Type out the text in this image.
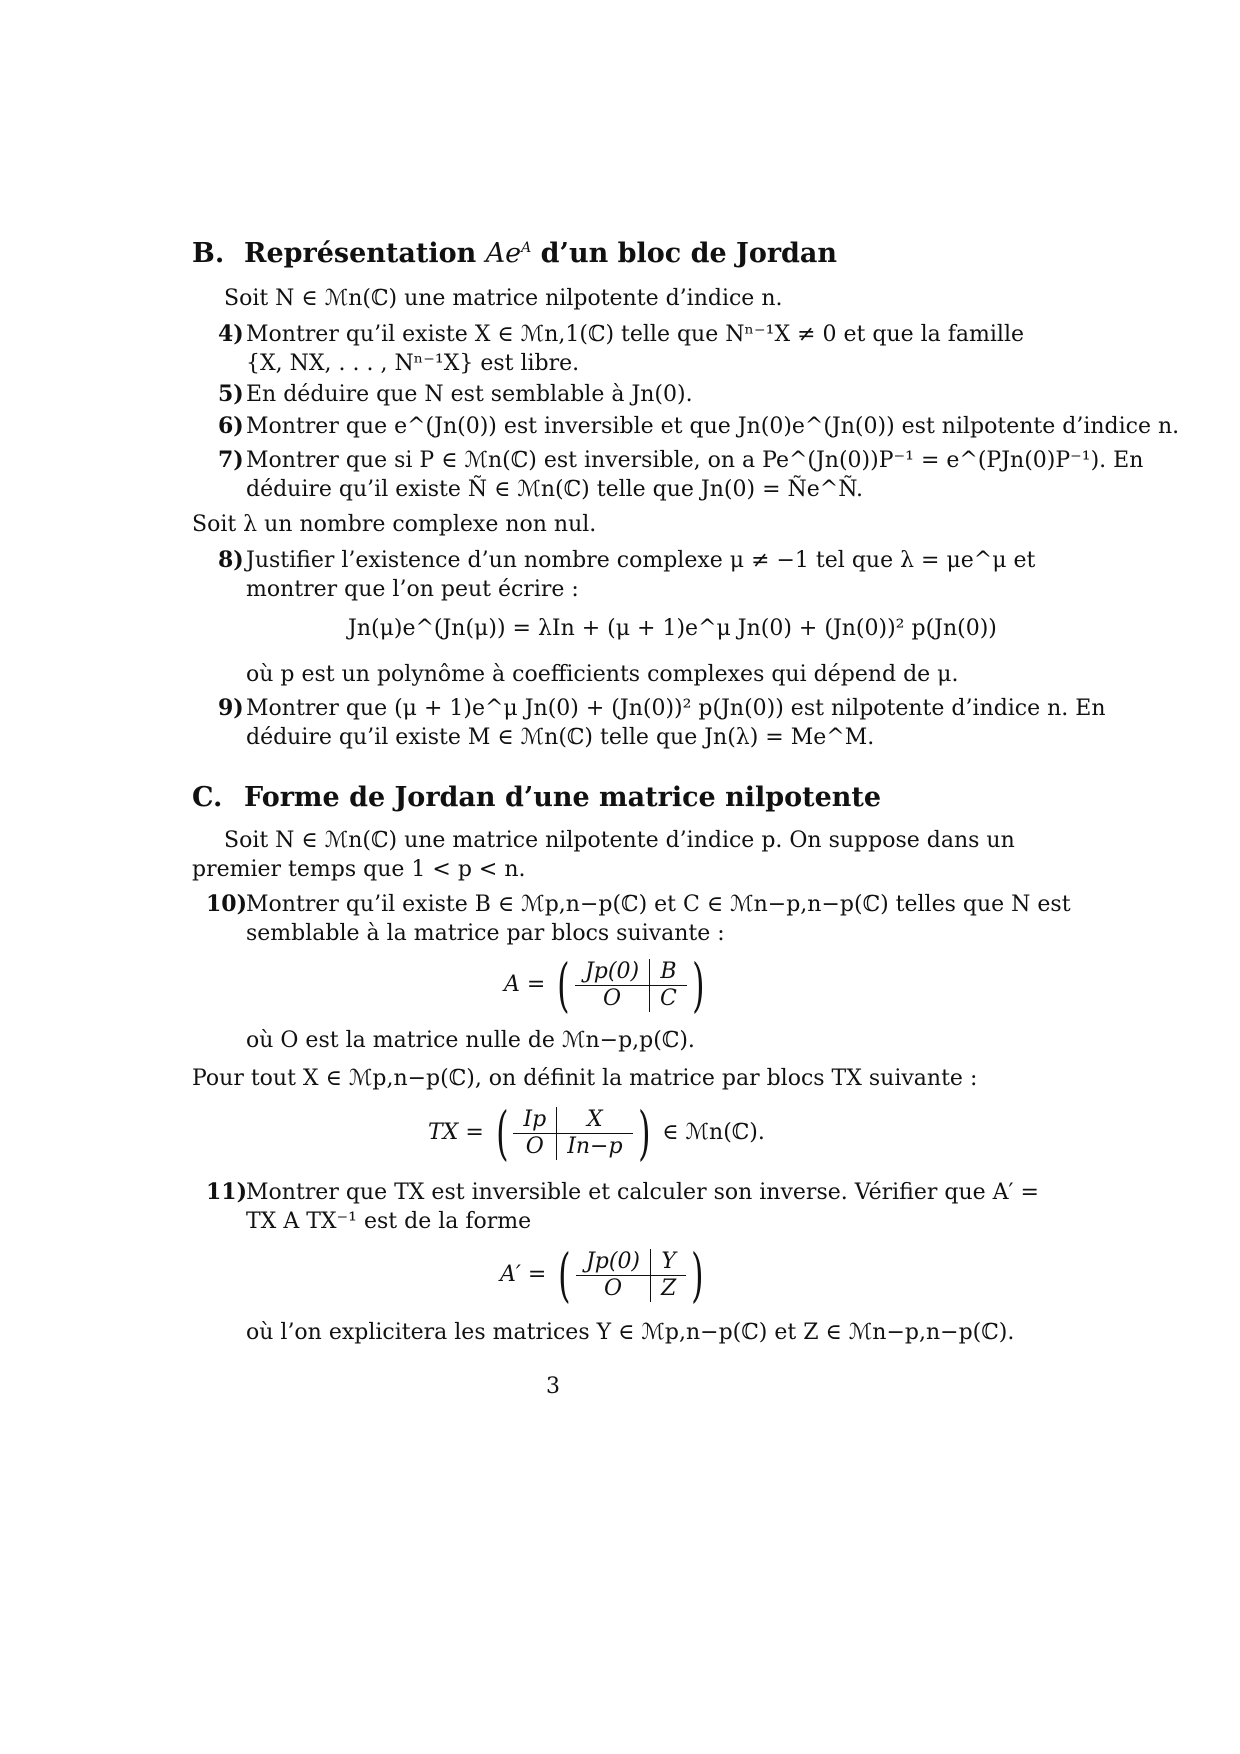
B. Représentation $Ae^A$ d’un bloc de Jordan
Soit N ∈ ℳn(ℂ) une matrice nilpotente d’indice n.
4) Montrer qu’il existe X ∈ ℳn,1(ℂ) telle que Nⁿ⁻¹X ≠ 0 et que la famille
{X, NX, . . . , Nⁿ⁻¹X} est libre.
5) En déduire que N est semblable à Jn(0).
6) Montrer que e^(Jn(0)) est inversible et que Jn(0)e^(Jn(0)) est nilpotente d’indice n.
7) Montrer que si P ∈ ℳn(ℂ) est inversible, on a Pe^(Jn(0))P⁻¹ = e^(PJn(0)P⁻¹). En
déduire qu’il existe Ñ ∈ ℳn(ℂ) telle que Jn(0) = Ñe^Ñ.
Soit λ un nombre complexe non nul.
8) Justifier l’existence d’un nombre complexe μ ≠ −1 tel que λ = μe^μ et
montrer que l’on peut écrire :
Jn(μ)e^(Jn(μ)) = λIn + (μ + 1)e^μ Jn(0) + (Jn(0))² p(Jn(0))
où p est un polynôme à coefficients complexes qui dépend de μ.
9) Montrer que (μ + 1)e^μ Jn(0) + (Jn(0))² p(Jn(0)) est nilpotente d’indice n. En
déduire qu’il existe M ∈ ℳn(ℂ) telle que Jn(λ) = Me^M.
C. Forme de Jordan d’une matrice nilpotente
Soit N ∈ ℳn(ℂ) une matrice nilpotente d’indice p. On suppose dans un
premier temps que 1 < p < n.
10)
Montrer qu’il existe B ∈ ℳp,n−p(ℂ) et C ∈ ℳn−p,n−p(ℂ) telles que N est
semblable à la matrice par blocs suivante :
A = ( Jp(0)	B
O	C )
où O est la matrice nulle de ℳn−p,p(ℂ).
Pour tout X ∈ ℳp,n−p(ℂ), on définit la matrice par blocs TX suivante :
TX = ( Ip	X
O	In−p ) ∈ ℳn(ℂ).
11)
Montrer que TX est inversible et calculer son inverse. Vérifier que A′ =
TX A TX⁻¹ est de la forme
A′ = ( Jp(0)	Y
O	Z )
où l’on explicitera les matrices Y ∈ ℳp,n−p(ℂ) et Z ∈ ℳn−p,n−p(ℂ).
3
